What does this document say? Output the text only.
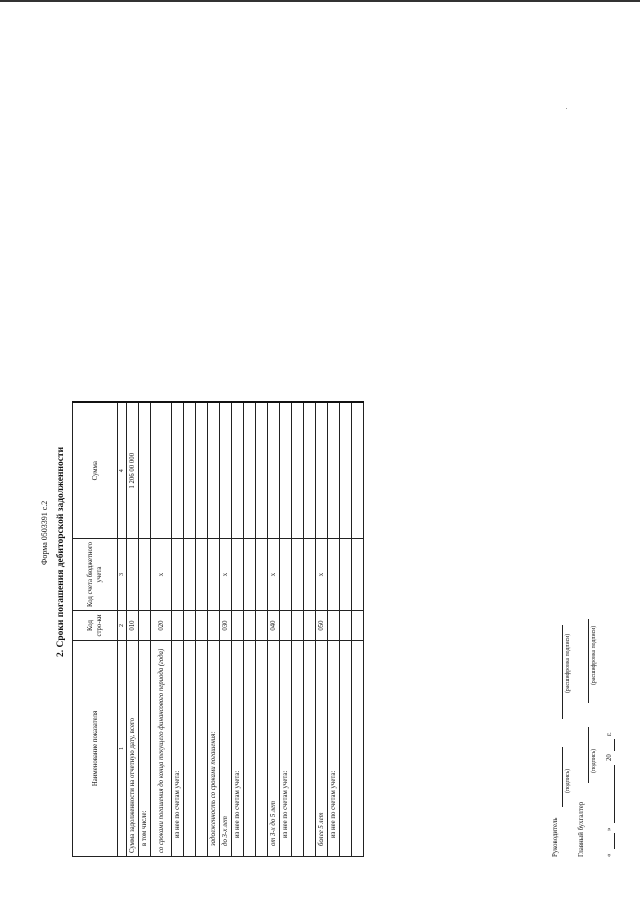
Форма 0503391 с.2 2. Сроки погашения дебиторской задолженности
Наименование показателя	Код стро-ки	Код счета бюджетного учета	Сумма
1	2	3	4
Сумма задолженности на отчетную дату, всего	010		1 206 00 000
в том числе:			
со сроками погашения до конца текущего финансового периода (года)	020	х	
из нее по счетам учета:			

задолженность со сроками погашения:			
до 3-х лет	030	х	
из нее по счетам учета:			

от 3-х до 5 лет	040	х	
из нее по счетам учета:			

более 5 лет	050	х	
из нее по счетам учета:			

				Руководитель
(подпись)
(расшифровка подписи)
Главный бухгалтер
(подпись)
(расшифровка подписи)
«
»
20
г.
